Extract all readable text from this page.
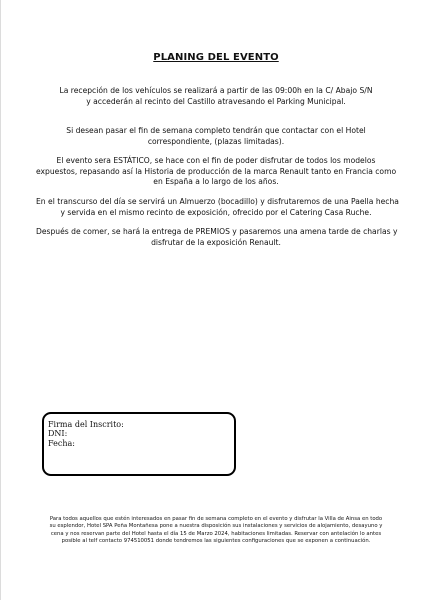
PLANING DEL EVENTO
La recepción de los vehículos se realizará a partir de las 09:00h en la C/ Abajo S/N
y accederán al recinto del Castillo atravesando el Parking Municipal.
Si desean pasar el fin de semana completo tendrán que contactar con el Hotel
correspondiente, (plazas limitadas).
El evento sera ESTÁTICO, se hace con el fin de poder disfrutar de todos los modelos
expuestos, repasando así la Historia de producción de la marca Renault tanto en Francia como
en España a lo largo de los años.
En el transcurso del día se servirá un Almuerzo (bocadillo) y disfrutaremos de una Paella hecha
y servida en el mismo recinto de exposición, ofrecido por el Catering Casa Ruche.
Después de comer, se hará la entrega de PREMIOS y pasaremos una amena tarde de charlas y
disfrutar de la exposición Renault.
Firma del Inscrito:
DNI:
Fecha:
Para todos aquellos que estén interesados en pasar fin de semana completo en el evento y disfrutar la Villa de Ainsa en todo
su esplendor, Hotel SPA Peña Montañesa pone a nuestra disposición sus instalaciones y servicios de alojamiento, desayuno y
cena y nos reservan parte del Hotel hasta el día 15 de Marzo 2024, habitaciones limitadas. Reservar con antelación lo antes
posible al telf contacto 974510051 donde tendremos las siguientes configuraciones que se exponen a continuación.
